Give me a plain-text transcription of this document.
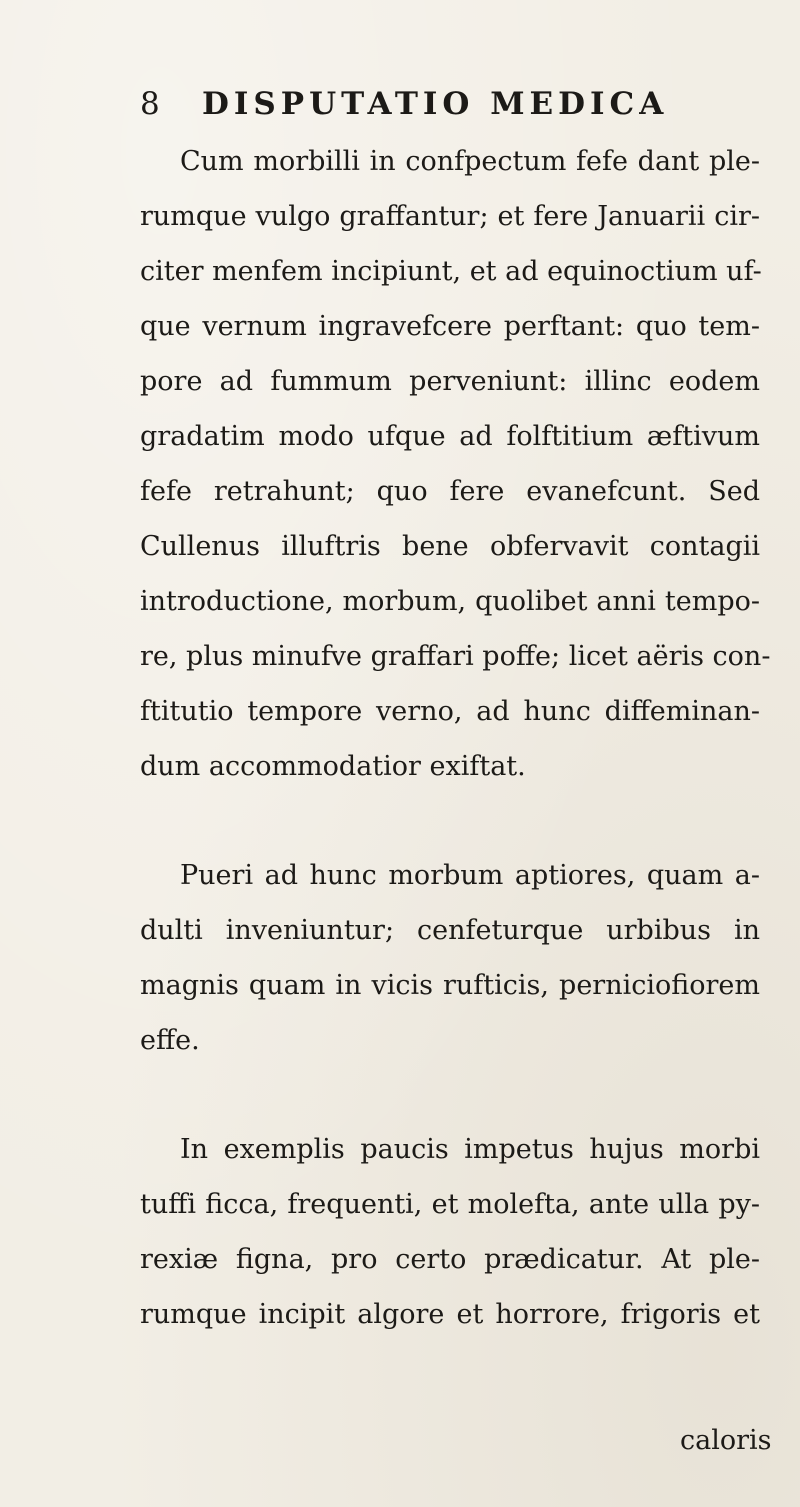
8 DISPUTATIO MEDICA
Cum morbilli in confpectum fefe dant ple-
rumque vulgo graffantur; et fere Januarii cir-
citer menfem incipiunt, et ad equinoctium uf-
que vernum ingravefcere perftant: quo tem-
pore ad fummum perveniunt: illinc eodem
gradatim modo ufque ad folftitium æftivum
fefe retrahunt; quo fere evanefcunt. Sed
Cullenus illuftris bene obfervavit contagii
introductione, morbum, quolibet anni tempo-
re, plus minufve graffari poffe; licet aëris con-
ftitutio tempore verno, ad hunc diffeminan-
dum accommodatior exiftat.
Pueri ad hunc morbum aptiores, quam a-
dulti inveniuntur; cenfeturque urbibus in
magnis quam in vicis rufticis, perniciofiorem
effe.
In exemplis paucis impetus hujus morbi
tuffi ficca, frequenti, et molefta, ante ulla py-
rexiæ figna, pro certo prædicatur. At ple-
rumque incipit algore et horrore, frigoris et
caloris
